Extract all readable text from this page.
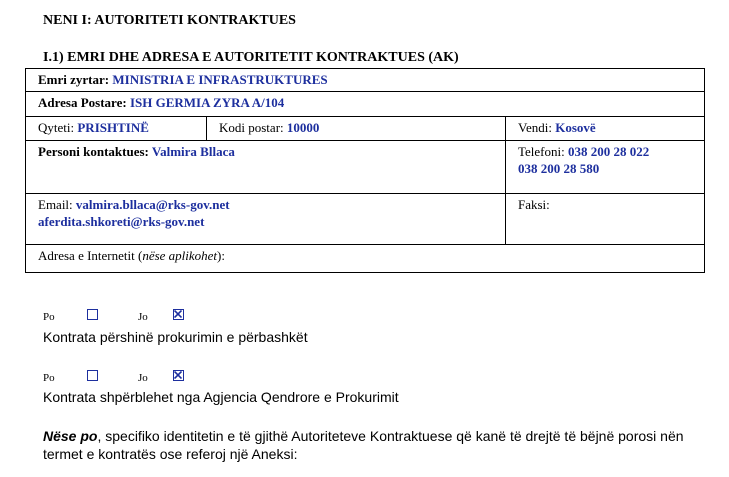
NENI I: AUTORITETI KONTRAKTUES
I.1) EMRI DHE ADRESA E AUTORITETIT KONTRAKTUES (AK)
Emri zyrtar: MINISTRIA E INFRASTRUKTURES		
Adresa Postare: ISH GERMIA ZYRA A/104		
Qyteti: PRISHTINË	Kodi postar: 10000	Vendi: Kosovë
Personi kontaktues: Valmira Bllaca		Telefoni: 038 200 28 022
038 200 28 580
Email: valmira.bllaca@rks-gov.net
aferdita.shkoreti@rks-gov.net		Faksi:
Adresa e Internetit (nëse aplikohet):		
Po	Jo
Kontrata përshinë prokurimin e përbashkët
Po	Jo
Kontrata shpërblehet nga Agjencia Qendrore e Prokurimit
Nëse po, specifiko identitetin e të gjithë Autoriteteve Kontraktuese që kanë të drejtë të bëjnë porosi nën termet e kontratës ose referoj një Aneksi:
